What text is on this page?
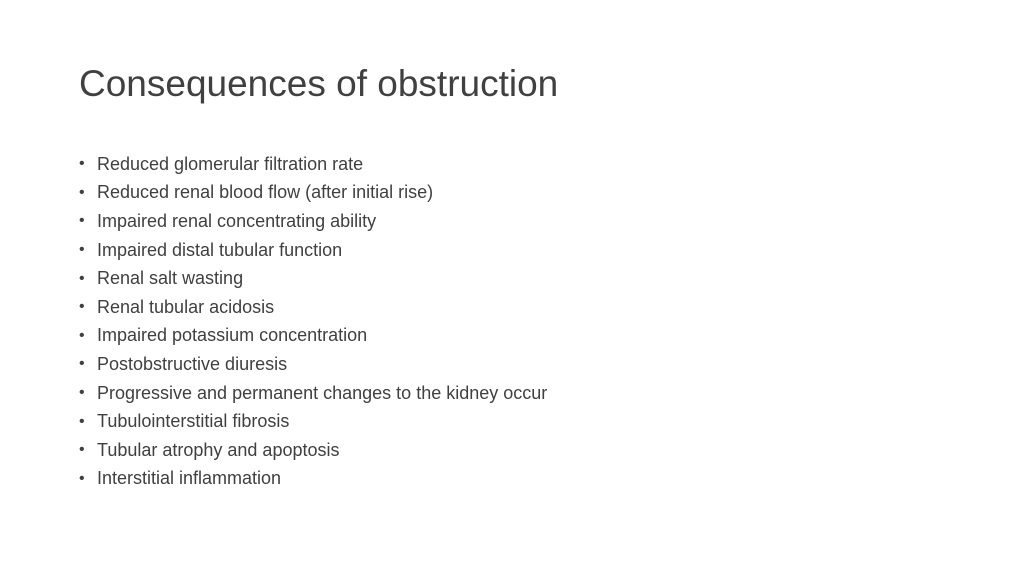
Consequences of obstruction
• Reduced glomerular filtration rate
• Reduced renal blood flow (after initial rise)
• Impaired renal concentrating ability
• Impaired distal tubular function
• Renal salt wasting
• Renal tubular acidosis
• Impaired potassium concentration
• Postobstructive diuresis
• Progressive and permanent changes to the kidney occur
• Tubulointerstitial fibrosis
• Tubular atrophy and apoptosis
• Interstitial inflammation
